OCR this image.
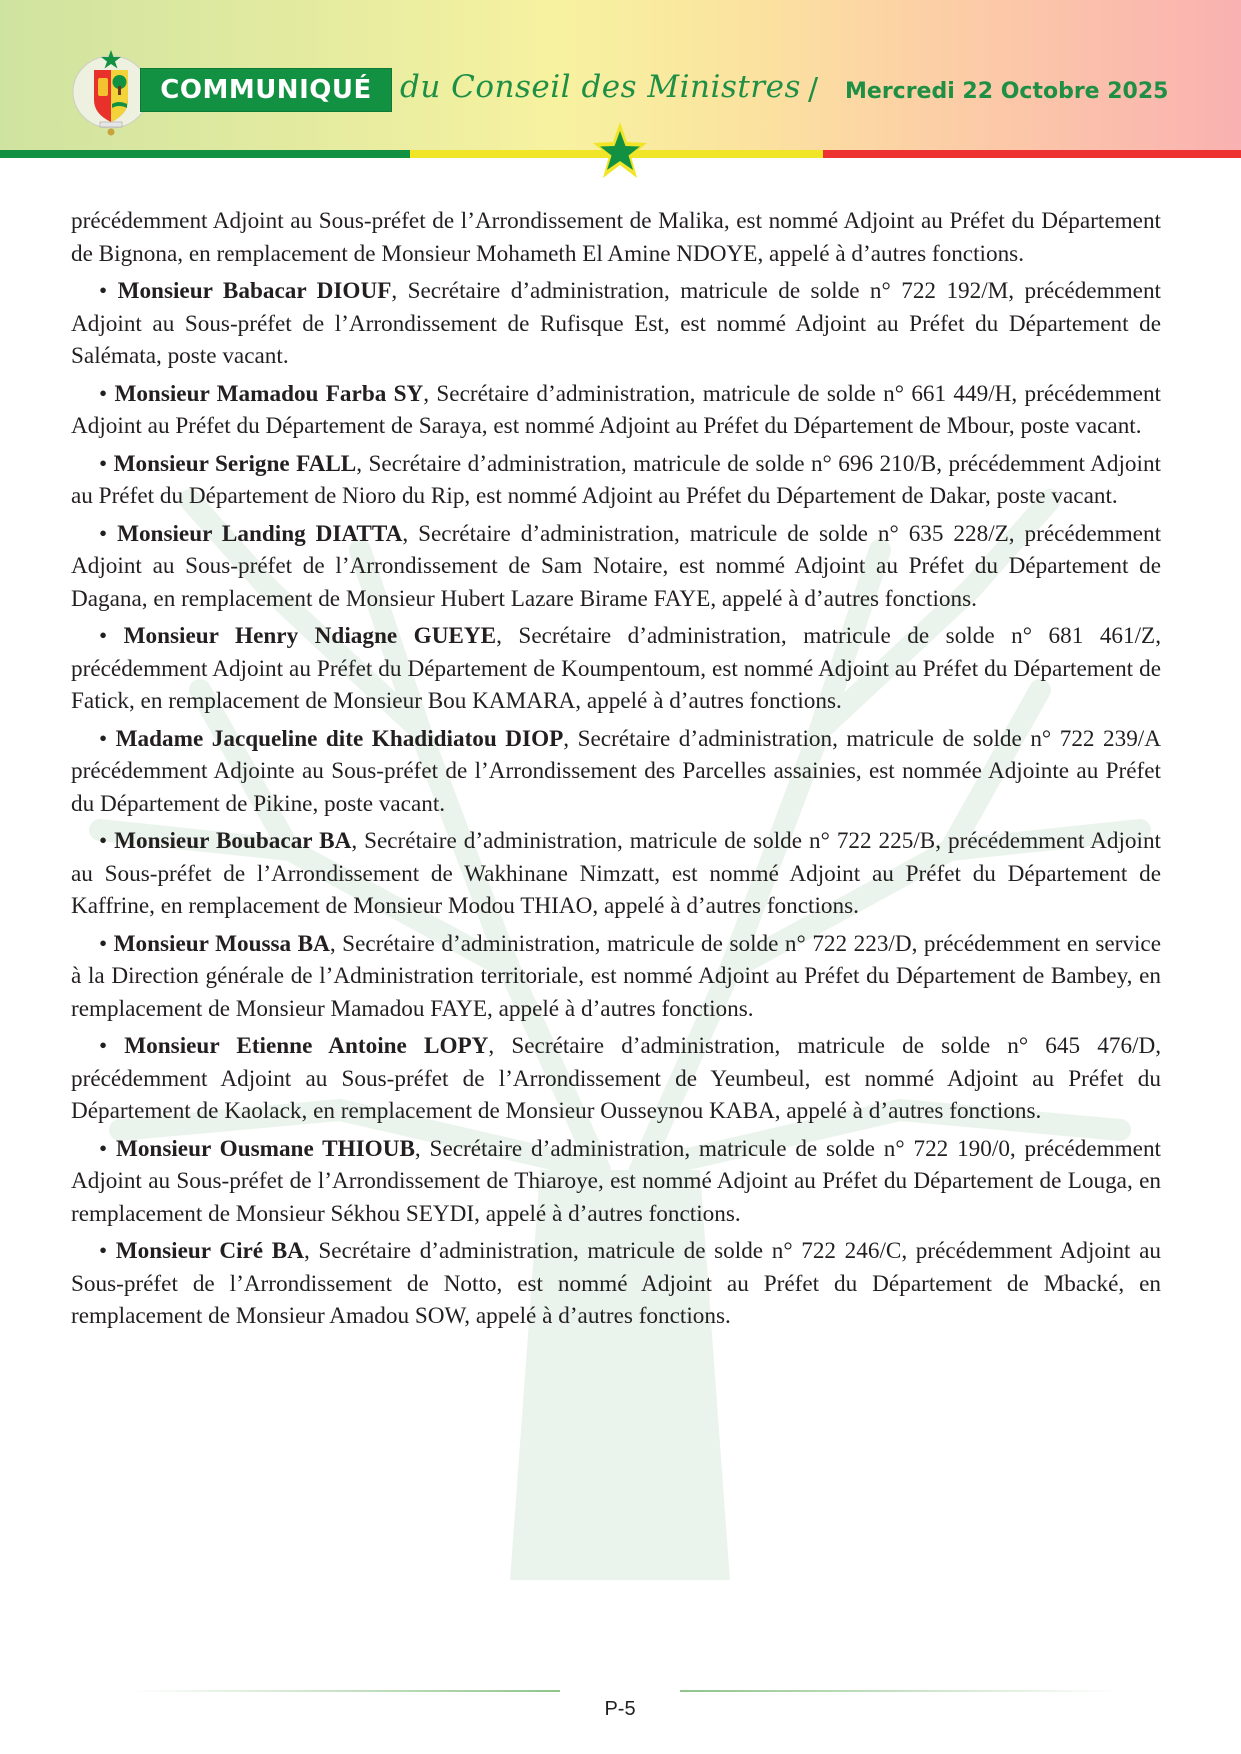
COMMUNIQUÉ du Conseil des Ministres / Mercredi 22 Octobre 2025

précédemment Adjoint au Sous-préfet de l’Arrondissement de Malika, est nommé Adjoint au Préfet du Département de Bignona, en remplacement de Monsieur Mohameth El Amine NDOYE, appelé à d’autres fonctions.

• Monsieur Babacar DIOUF, Secrétaire d’administration, matricule de solde n° 722 192/M, précédemment Adjoint au Sous-préfet de l’Arrondissement de Rufisque Est, est nommé Adjoint au Préfet du Département de Salémata, poste vacant.

• Monsieur Mamadou Farba SY, Secrétaire d’administration, matricule de solde n° 661 449/H, précédemment Adjoint au Préfet du Département de Saraya, est nommé Adjoint au Préfet du Département de Mbour, poste vacant.

• Monsieur Serigne FALL, Secrétaire d’administration, matricule de solde n° 696 210/B, précédemment Adjoint au Préfet du Département de Nioro du Rip, est nommé Adjoint au Préfet du Département de Dakar, poste vacant.

• Monsieur Landing DIATTA, Secrétaire d’administration, matricule de solde n° 635 228/Z, précédemment Adjoint au Sous-préfet de l’Arrondissement de Sam Notaire, est nommé Adjoint au Préfet du Département de Dagana, en remplacement de Monsieur Hubert Lazare Birame FAYE, appelé à d’autres fonctions.

• Monsieur Henry Ndiagne GUEYE, Secrétaire d’administration, matricule de solde n° 681 461/Z, précédemment Adjoint au Préfet du Département de Koumpentoum, est nommé Adjoint au Préfet du Département de Fatick, en remplacement de Monsieur Bou KAMARA, appelé à d’autres fonctions.

• Madame Jacqueline dite Khadidiatou DIOP, Secrétaire d’administration, matricule de solde n° 722 239/A précédemment Adjointe au Sous-préfet de l’Arrondissement des Parcelles assainies, est nommée Adjointe au Préfet du Département de Pikine, poste vacant.

• Monsieur Boubacar BA, Secrétaire d’administration, matricule de solde n° 722 225/B, précédemment Adjoint au Sous-préfet de l’Arrondissement de Wakhinane Nimzatt, est nommé Adjoint au Préfet du Département de Kaffrine, en remplacement de Monsieur Modou THIAO, appelé à d’autres fonctions.

• Monsieur Moussa BA, Secrétaire d’administration, matricule de solde n° 722 223/D, précédemment en service à la Direction générale de l’Administration territoriale, est nommé Adjoint au Préfet du Département de Bambey, en remplacement de Monsieur Mamadou FAYE, appelé à d’autres fonctions.

• Monsieur Etienne Antoine LOPY, Secrétaire d’administration, matricule de solde n° 645 476/D, précédemment Adjoint au Sous-préfet de l’Arrondissement de Yeumbeul, est nommé Adjoint au Préfet du Département de Kaolack, en remplacement de Monsieur Ousseynou KABA, appelé à d’autres fonctions.

• Monsieur Ousmane THIOUB, Secrétaire d’administration, matricule de solde n° 722 190/0, précédemment Adjoint au Sous-préfet de l’Arrondissement de Thiaroye, est nommé Adjoint au Préfet du Département de Louga, en remplacement de Monsieur Sékhou SEYDI, appelé à d’autres fonctions.

• Monsieur Ciré BA, Secrétaire d’administration, matricule de solde n° 722 246/C, précédemment Adjoint au Sous-préfet de l’Arrondissement de Notto, est nommé Adjoint au Préfet du Département de Mbacké, en remplacement de Monsieur Amadou SOW, appelé à d’autres fonctions.

P-5
